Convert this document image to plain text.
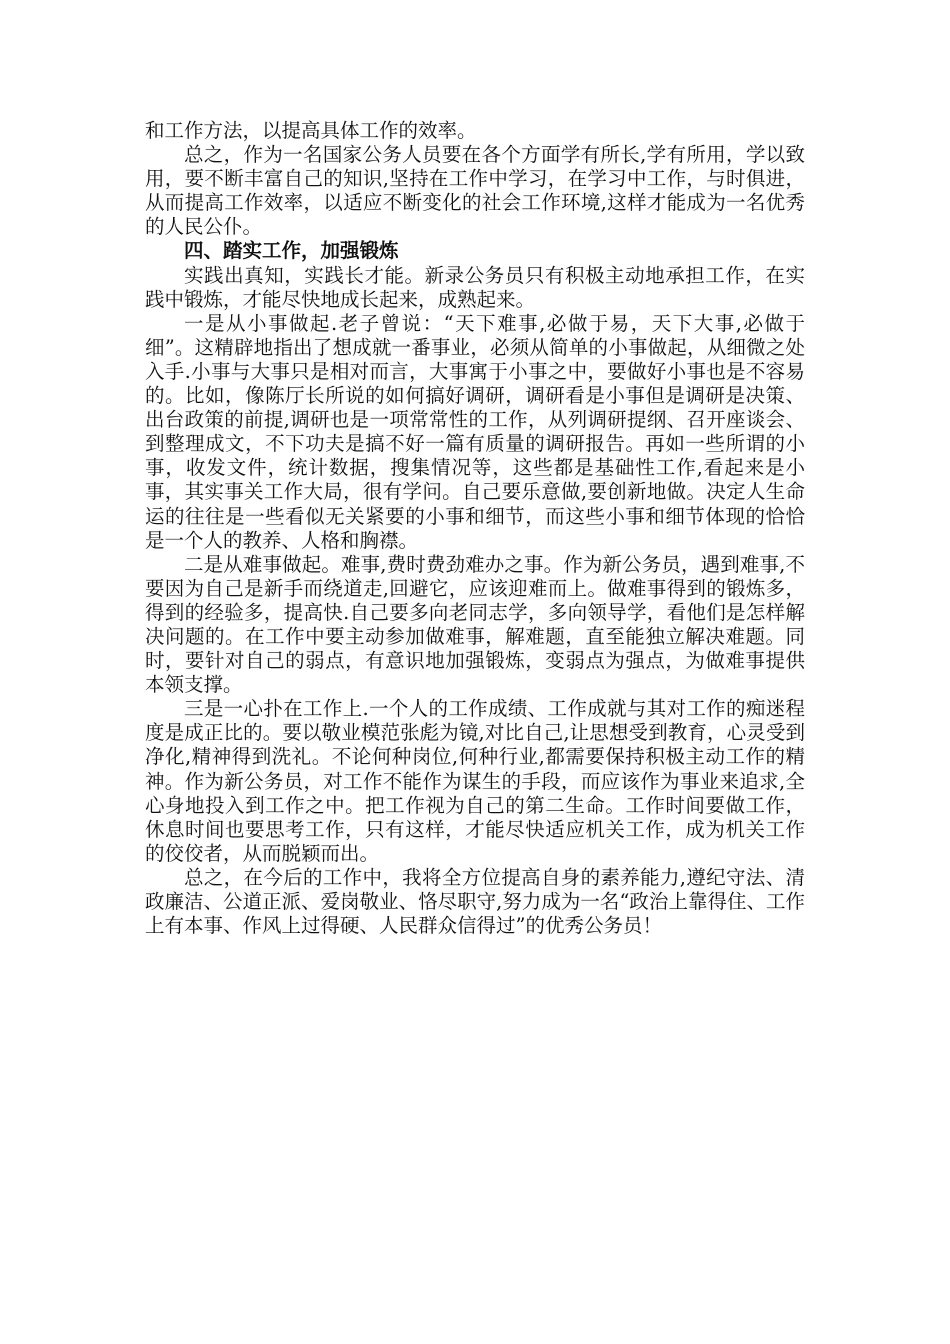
和工作方法，以提高具体工作的效率。

总之，作为一名国家公务人员要在各个方面学有所长,学有所用，学以致用，要不断丰富自己的知识,坚持在工作中学习，在学习中工作，与时俱进，从而提高工作效率，以适应不断变化的社会工作环境,这样才能成为一名优秀的人民公仆。

四、踏实工作，加强锻炼

实践出真知，实践长才能。新录公务员只有积极主动地承担工作，在实践中锻炼，才能尽快地成长起来，成熟起来。

一是从小事做起.老子曾说：“天下难事,必做于易，天下大事,必做于细”。这精辟地指出了想成就一番事业，必须从简单的小事做起，从细微之处入手.小事与大事只是相对而言，大事寓于小事之中，要做好小事也是不容易的。比如，像陈厅长所说的如何搞好调研，调研看是小事但是调研是决策、出台政策的前提,调研也是一项常常性的工作，从列调研提纲、召开座谈会、到整理成文，不下功夫是搞不好一篇有质量的调研报告。再如一些所谓的小事，收发文件，统计数据，搜集情况等，这些都是基础性工作,看起来是小事，其实事关工作大局，很有学问。自己要乐意做,要创新地做。决定人生命运的往往是一些看似无关紧要的小事和细节，而这些小事和细节体现的恰恰是一个人的教养、人格和胸襟。

二是从难事做起。难事,费时费劲难办之事。作为新公务员，遇到难事,不要因为自己是新手而绕道走,回避它，应该迎难而上。做难事得到的锻炼多，得到的经验多，提高快.自己要多向老同志学，多向领导学，看他们是怎样解决问题的。在工作中要主动参加做难事，解难题，直至能独立解决难题。同时，要针对自己的弱点，有意识地加强锻炼，变弱点为强点，为做难事提供本领支撑。

三是一心扑在工作上.一个人的工作成绩、工作成就与其对工作的痴迷程度是成正比的。要以敬业模范张彪为镜,对比自己,让思想受到教育，心灵受到净化,精神得到洗礼。不论何种岗位,何种行业,都需要保持积极主动工作的精神。作为新公务员，对工作不能作为谋生的手段，而应该作为事业来追求,全心身地投入到工作之中。把工作视为自己的第二生命。工作时间要做工作，休息时间也要思考工作，只有这样，才能尽快适应机关工作，成为机关工作的佼佼者，从而脱颖而出。

总之，在今后的工作中，我将全方位提高自身的素养能力,遵纪守法、清政廉洁、公道正派、爱岗敬业、恪尽职守,努力成为一名“政治上靠得住、工作上有本事、作风上过得硬、人民群众信得过”的优秀公务员！
